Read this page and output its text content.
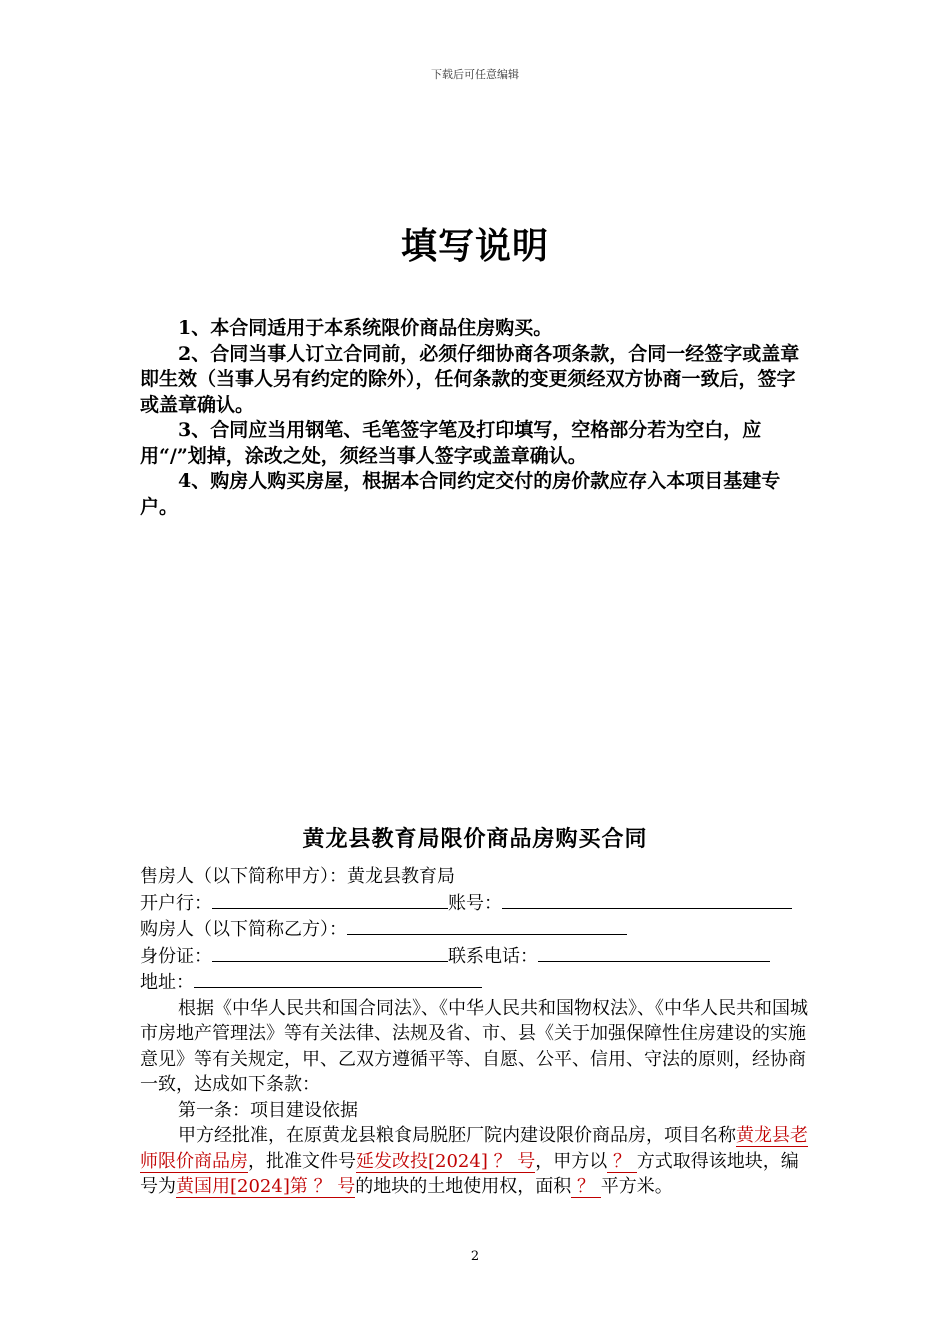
下载后可任意编辑
填写说明

1、本合同适用于本系统限价商品住房购买。

2、合同当事人订立合同前，必须仔细协商各项条款，合同一经签字或盖章即生效（当事人另有约定的除外），任何条款的变更须经双方协商一致后，签字或盖章确认。

3、合同应当用钢笔、毛笔签字笔及打印填写，空格部分若为空白，应用“/”划掉，涂改之处，须经当事人签字或盖章确认。

4、购房人购买房屋，根据本合同约定交付的房价款应存入本项目基建专户。

黄龙县教育局限价商品房购买合同
售房人（以下简称甲方）：黄龙县教育局
开户行：	账号：
购房人（以下简称乙方）：
身份证：	联系电话：
地址：

根据《中华人民共和国合同法》、《中华人民共和国物权法》、《中华人民共和国城市房地产管理法》等有关法律、法规及省、市、县《关于加强保障性住房建设的实施意见》等有关规定，甲、乙双方遵循平等、自愿、公平、信用、守法的原则，经协商一致，达成如下条款：

第一条：项目建设依据

甲方经批准，在原黄龙县粮食局脱胚厂院内建设限价商品房，项目名称黄龙县老师限价商品房，批准文件号延发改投[2024] ？ 号，甲方以 ？ 方式取得该地块，编号为黄国用[2024]第 ？ 号的地块的土地使用权，面积 ？ 平方米。

2
